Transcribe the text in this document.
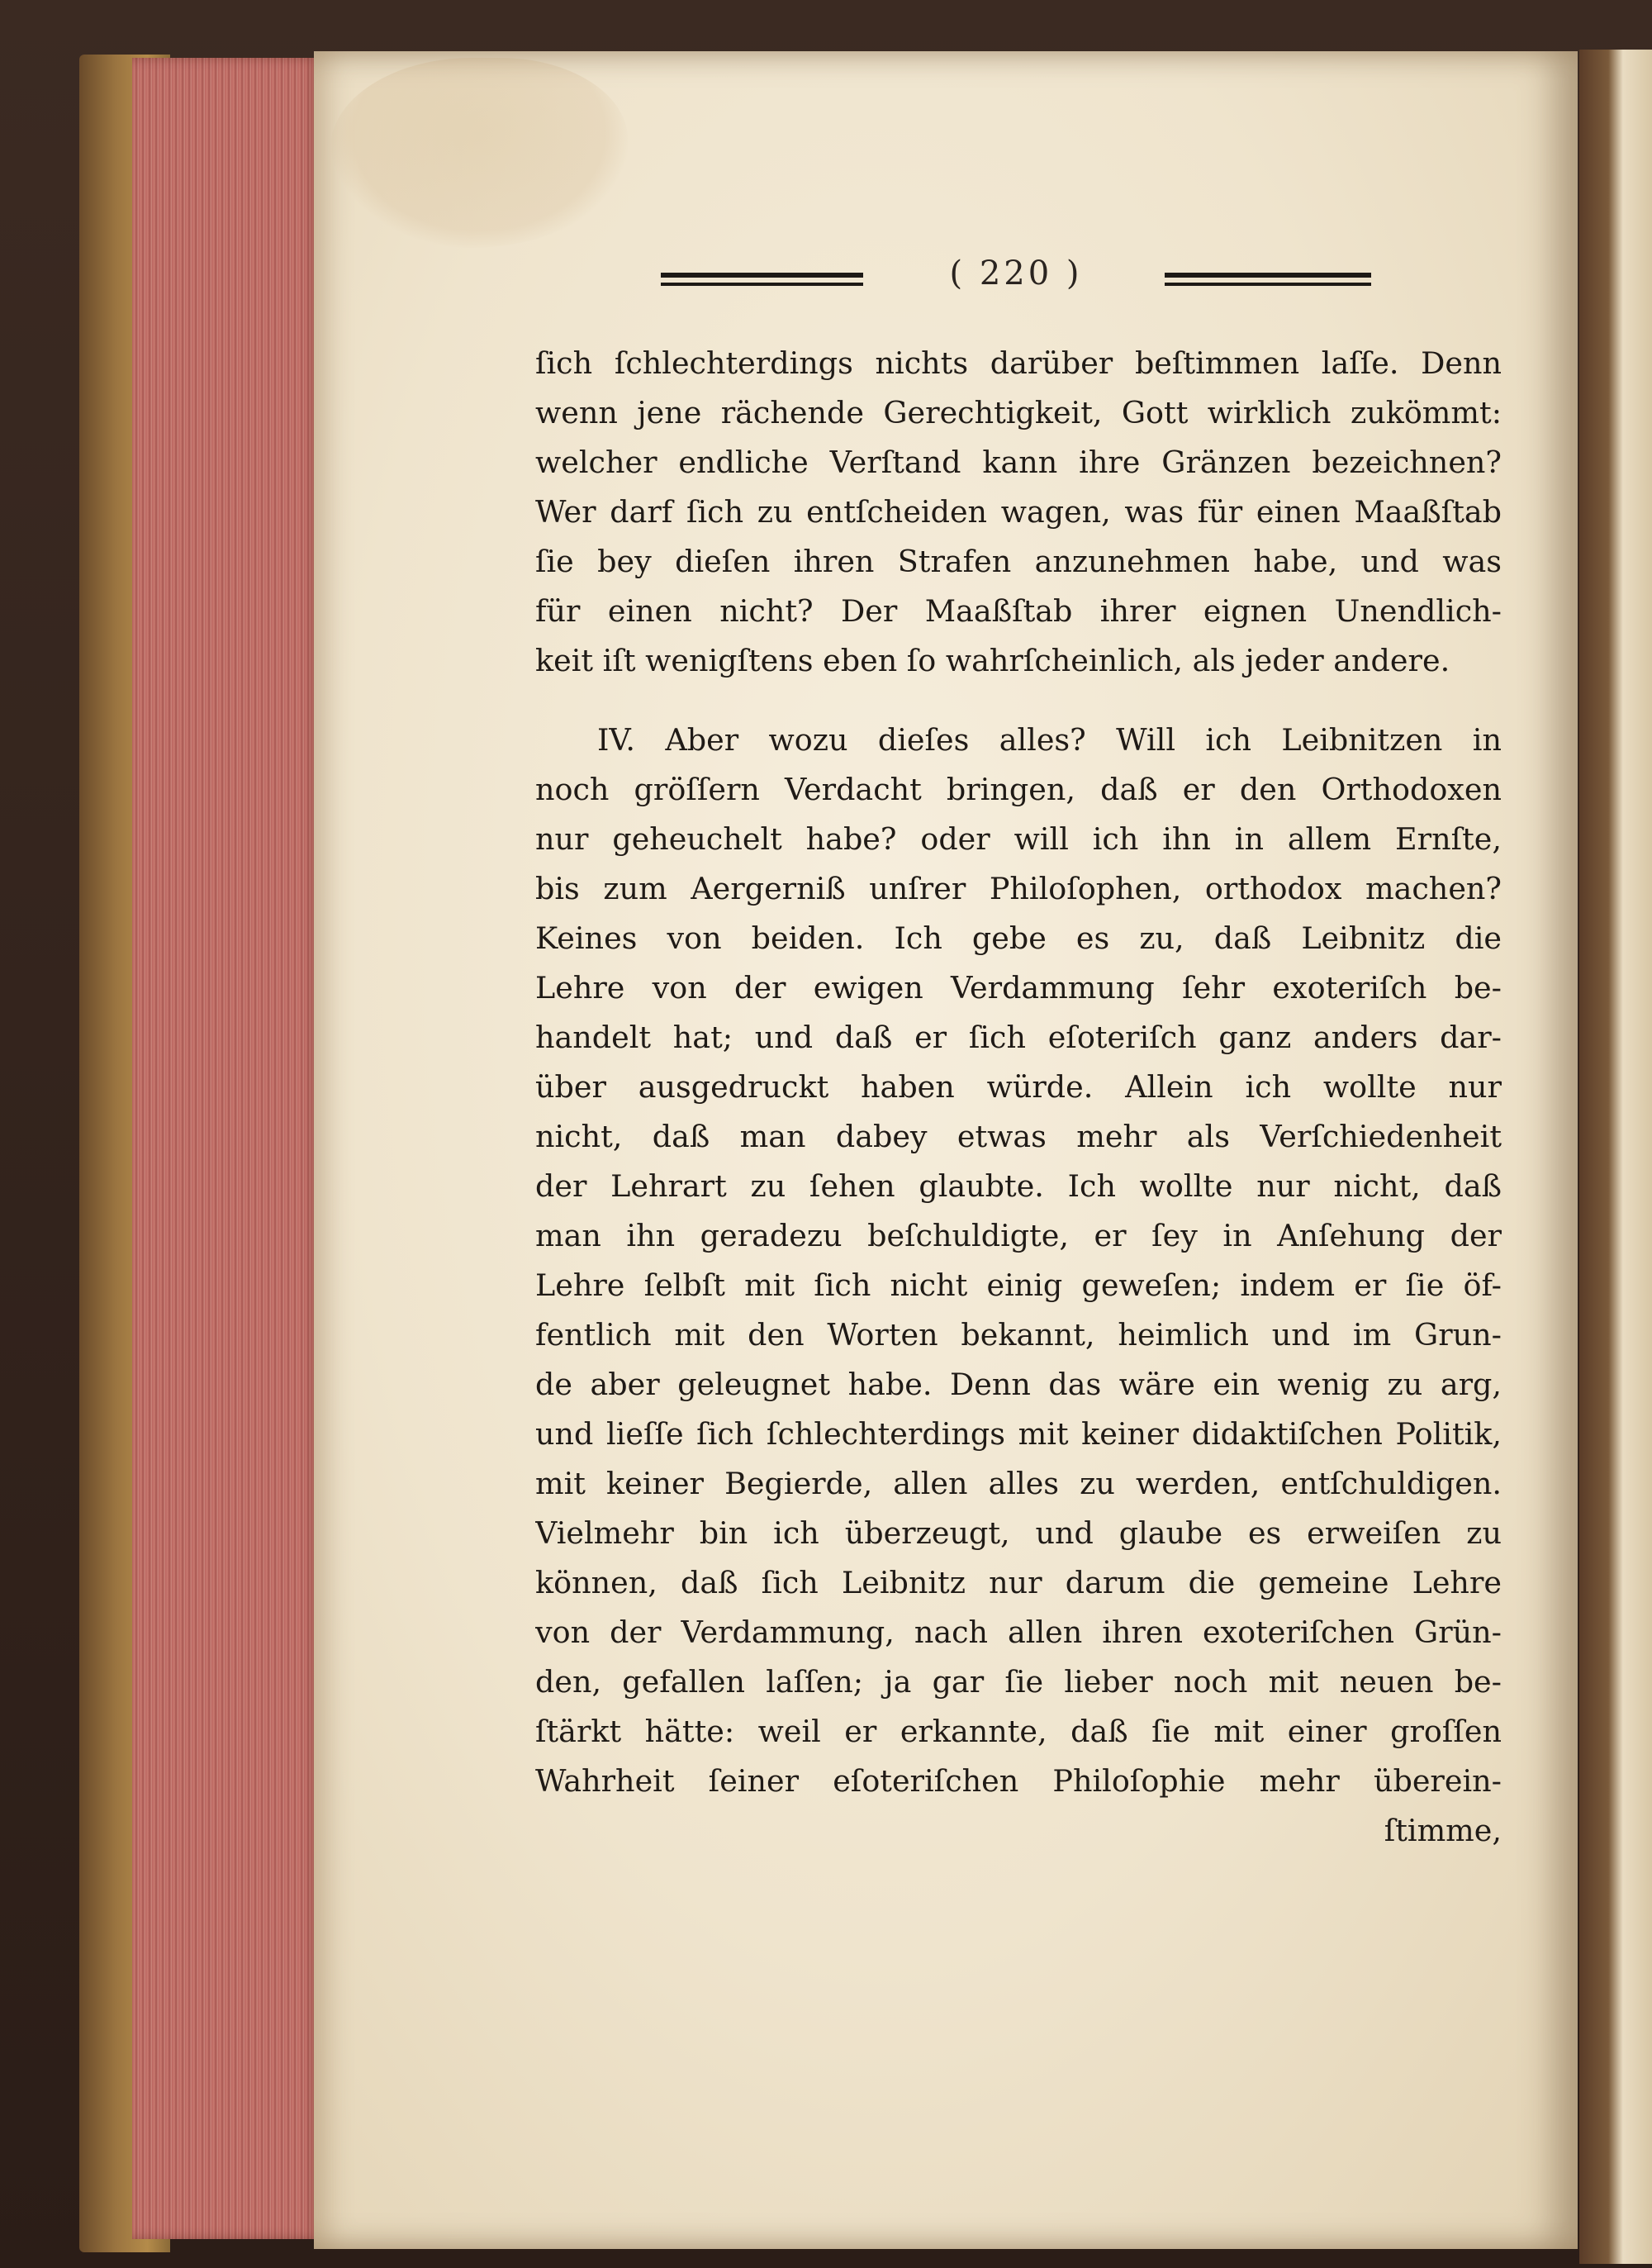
( 220 )
ſich ſchlechterdings nichts darüber beſtimmen laſſe. Denn
wenn jene rächende Gerechtigkeit, Gott wirklich zukömmt:
welcher endliche Verſtand kann ihre Gränzen bezeichnen?
Wer darf ſich zu entſcheiden wagen, was für einen Maaßſtab
ſie bey dieſen ihren Strafen anzunehmen habe, und was
für einen nicht? Der Maaßſtab ihrer eignen Unendlich-
keit iſt wenigſtens eben ſo wahrſcheinlich, als jeder andere.
IV. Aber wozu dieſes alles? Will ich Leibnitzen in
noch gröſſern Verdacht bringen, daß er den Orthodoxen
nur geheuchelt habe? oder will ich ihn in allem Ernſte,
bis zum Aergerniß unſrer Philoſophen, orthodox machen?
Keines von beiden. Ich gebe es zu, daß Leibnitz die
Lehre von der ewigen Verdammung ſehr exoteriſch be-
handelt hat; und daß er ſich eſoteriſch ganz anders dar-
über ausgedruckt haben würde. Allein ich wollte nur
nicht, daß man dabey etwas mehr als Verſchiedenheit
der Lehrart zu ſehen glaubte. Ich wollte nur nicht, daß
man ihn geradezu beſchuldigte, er ſey in Anſehung der
Lehre ſelbſt mit ſich nicht einig geweſen; indem er ſie öf-
fentlich mit den Worten bekannt, heimlich und im Grun-
de aber geleugnet habe. Denn das wäre ein wenig zu arg,
und lieſſe ſich ſchlechterdings mit keiner didaktiſchen Politik,
mit keiner Begierde, allen alles zu werden, entſchuldigen.
Vielmehr bin ich überzeugt, und glaube es erweiſen zu
können, daß ſich Leibnitz nur darum die gemeine Lehre
von der Verdammung, nach allen ihren exoteriſchen Grün-
den, gefallen laſſen; ja gar ſie lieber noch mit neuen be-
ſtärkt hätte: weil er erkannte, daß ſie mit einer groſſen
Wahrheit ſeiner eſoteriſchen Philoſophie mehr überein-
ſtimme,
